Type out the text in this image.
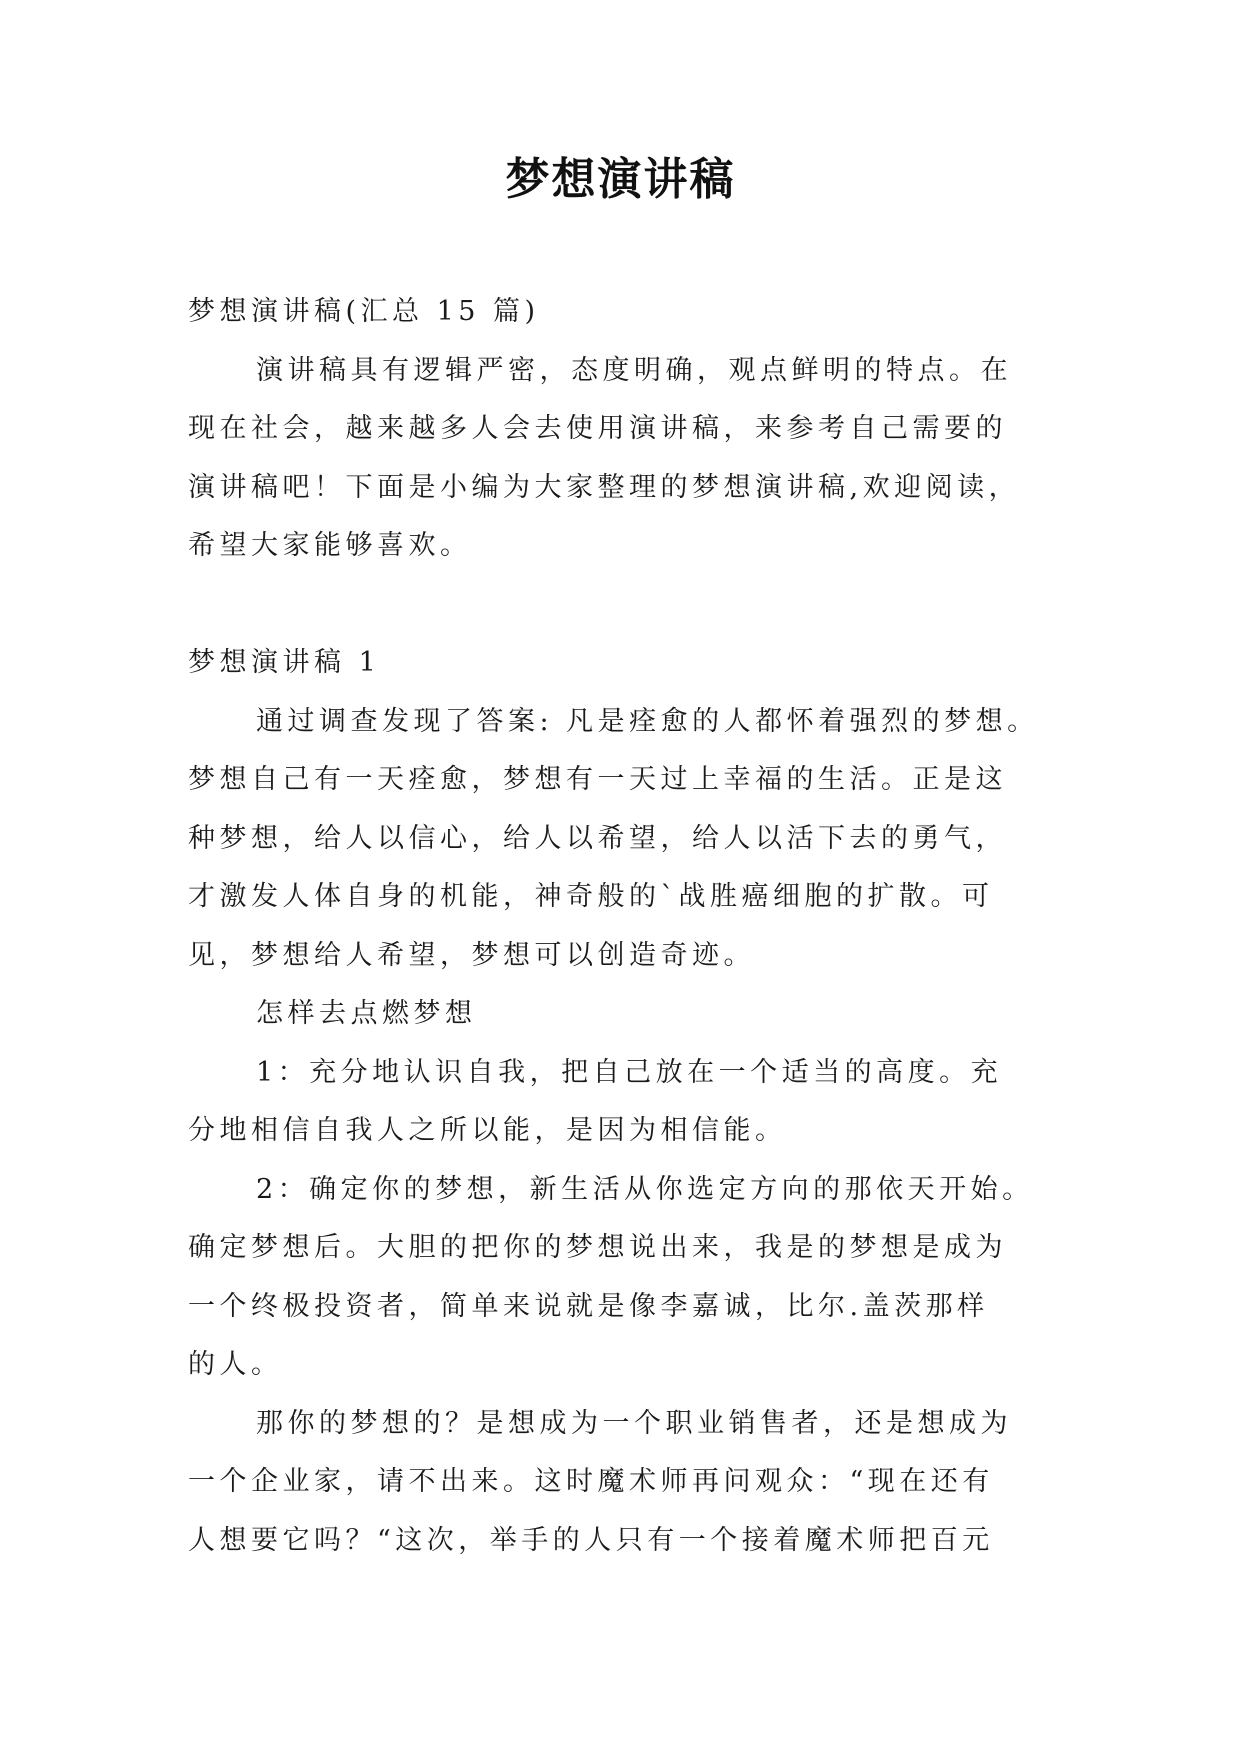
梦想演讲稿

梦想演讲稿(汇总 15 篇)

演讲稿具有逻辑严密，态度明确，观点鲜明的特点。在

现在社会，越来越多人会去使用演讲稿，来参考自己需要的

演讲稿吧！下面是小编为大家整理的梦想演讲稿,欢迎阅读，

希望大家能够喜欢。

梦想演讲稿 1

通过调查发现了答案: 凡是痊愈的人都怀着强烈的梦想。

梦想自己有一天痊愈，梦想有一天过上幸福的生活。正是这

种梦想，给人以信心，给人以希望，给人以活下去的勇气，

才激发人体自身的机能，神奇般的`战胜癌细胞的扩散。可

见，梦想给人希望，梦想可以创造奇迹。

怎样去点燃梦想

1：充分地认识自我，把自己放在一个适当的高度。充

分地相信自我人之所以能，是因为相信能。

2：确定你的梦想，新生活从你选定方向的那依天开始。

确定梦想后。大胆的把你的梦想说出来，我是的梦想是成为

一个终极投资者，简单来说就是像李嘉诚，比尔.盖茨那样

的人。

那你的梦想的？是想成为一个职业销售者，还是想成为

一个企业家，请不出来。这时魔术师再问观众：“现在还有

人想要它吗？“这次，举手的人只有一个接着魔术师把百元
